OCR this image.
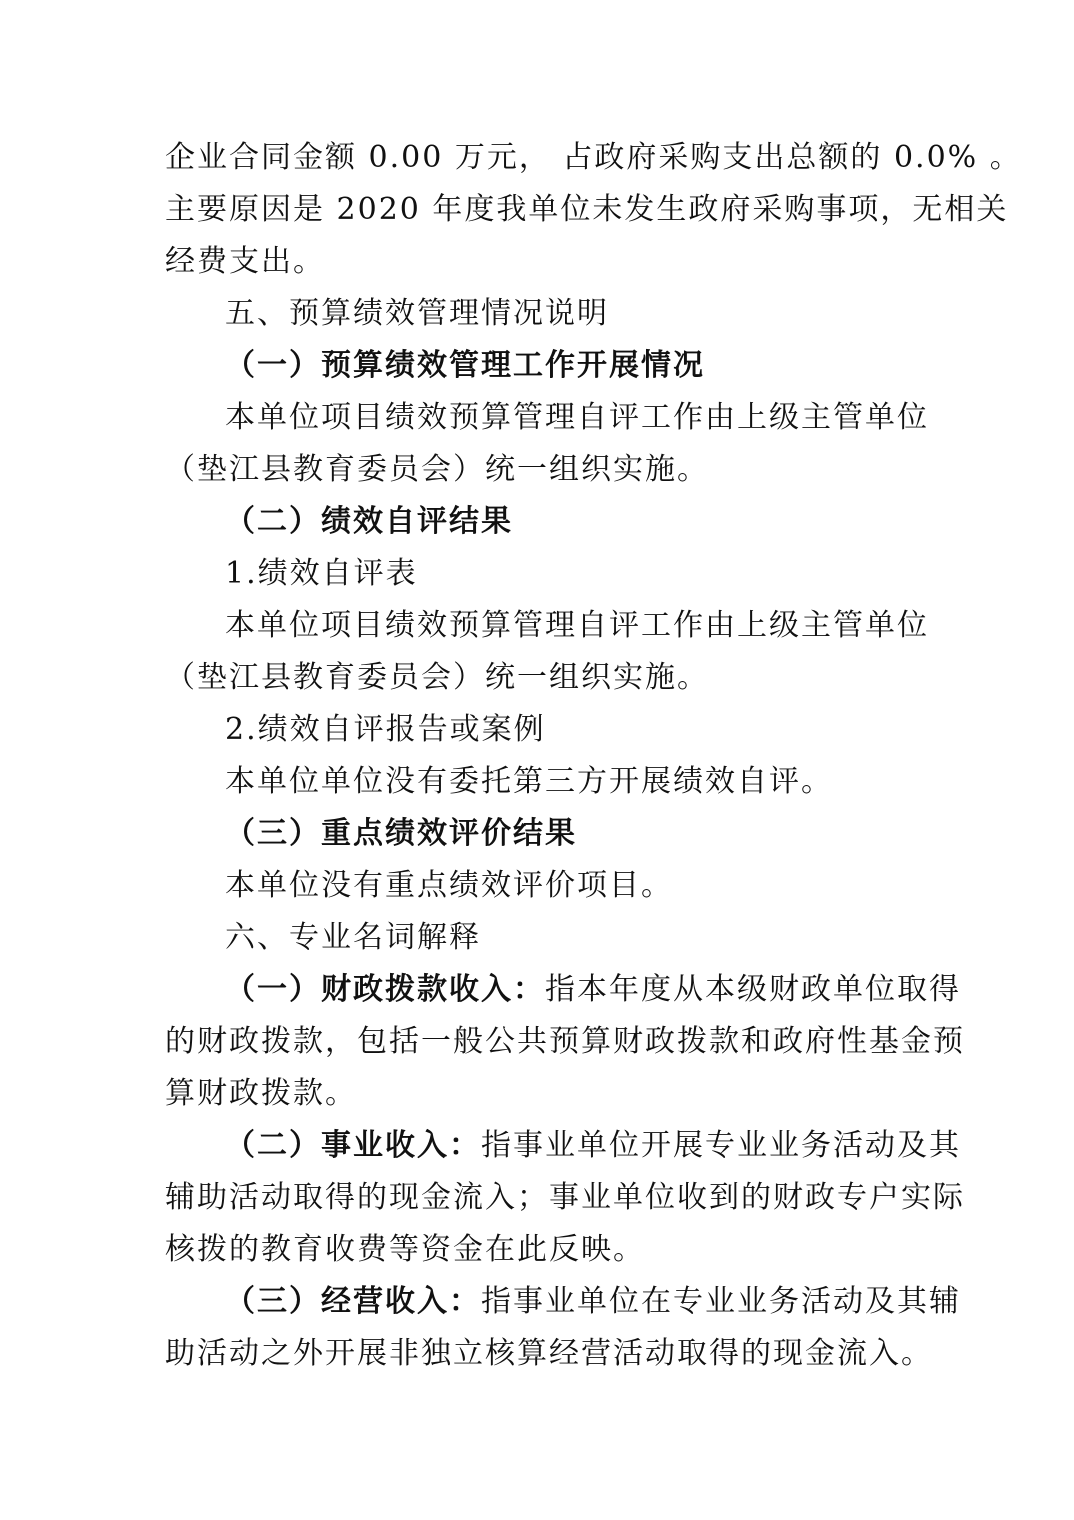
企业合同金额 0.00 万元， 占政府采购支出总额的 0.0% 。
主要原因是 2020 年度我单位未发生政府采购事项，无相关
经费支出。
五、预算绩效管理情况说明
（一）预算绩效管理工作开展情况
本单位项目绩效预算管理自评工作由上级主管单位
（垫江县教育委员会）统一组织实施。
（二）绩效自评结果
1.绩效自评表
本单位项目绩效预算管理自评工作由上级主管单位
（垫江县教育委员会）统一组织实施。
2.绩效自评报告或案例
本单位单位没有委托第三方开展绩效自评。
（三）重点绩效评价结果
本单位没有重点绩效评价项目。
六、专业名词解释
（一）财政拨款收入：指本年度从本级财政单位取得
的财政拨款，包括一般公共预算财政拨款和政府性基金预
算财政拨款。
（二）事业收入：指事业单位开展专业业务活动及其
辅助活动取得的现金流入；事业单位收到的财政专户实际
核拨的教育收费等资金在此反映。
（三）经营收入：指事业单位在专业业务活动及其辅
助活动之外开展非独立核算经营活动取得的现金流入。
